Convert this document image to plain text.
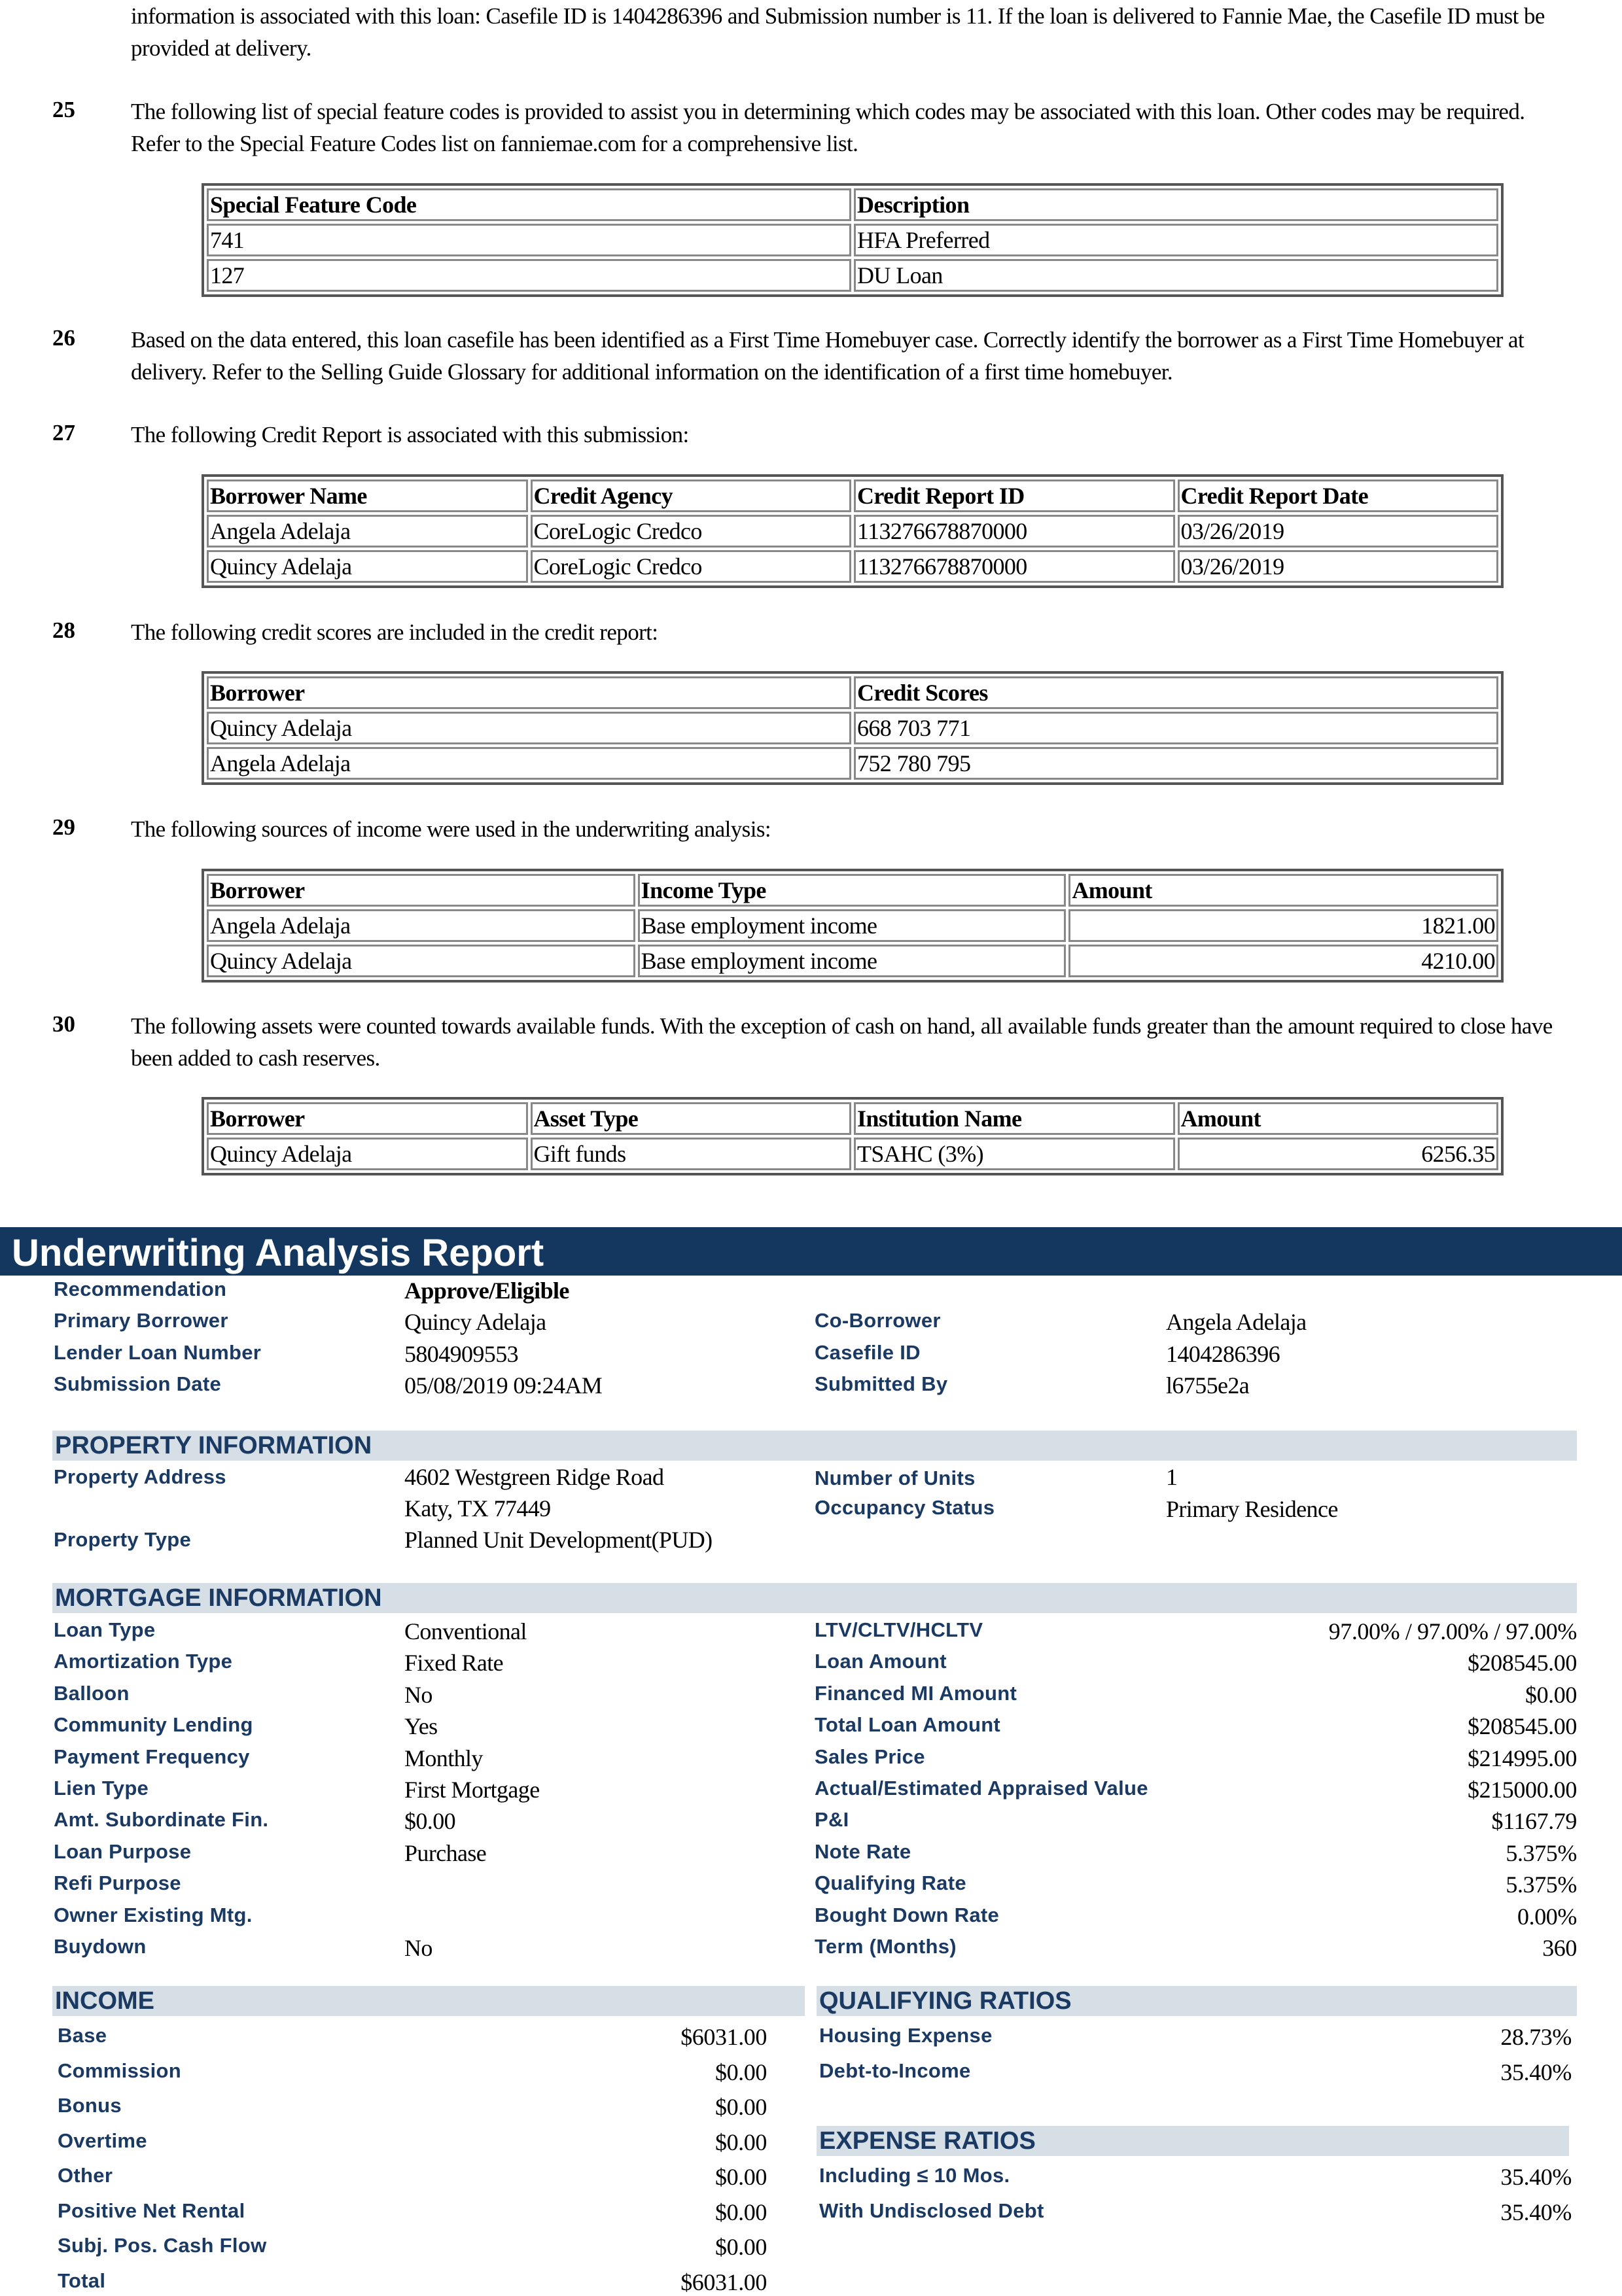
information is associated with this loan: Casefile ID is 1404286396 and Submission number is 11. If the loan is delivered to Fannie Mae, the Casefile ID must be provided at delivery.
25 The following list of special feature codes is provided to assist you in determining which codes may be associated with this loan. Other codes may be required. Refer to the Special Feature Codes list on fanniemae.com for a comprehensive list.
Special Feature Code	Description
741	HFA Preferred
127	DU Loan
26 Based on the data entered, this loan casefile has been identified as a First Time Homebuyer case. Correctly identify the borrower as a First Time Homebuyer at delivery. Refer to the Selling Guide Glossary for additional information on the identification of a first time homebuyer.
27 The following Credit Report is associated with this submission:
Borrower Name	Credit Agency	Credit Report ID	Credit Report Date
Angela Adelaja	CoreLogic Credco	113276678870000	03/26/2019
Quincy Adelaja	CoreLogic Credco	113276678870000	03/26/2019
28 The following credit scores are included in the credit report:
Borrower	Credit Scores
Quincy Adelaja	668 703 771
Angela Adelaja	752 780 795
29 The following sources of income were used in the underwriting analysis:
Borrower	Income Type	Amount
Angela Adelaja	Base employment income	1821.00
Quincy Adelaja	Base employment income	4210.00
30 The following assets were counted towards available funds. With the exception of cash on hand, all available funds greater than the amount required to close have been added to cash reserves.
Borrower	Asset Type	Institution Name	Amount
Quincy Adelaja	Gift funds	TSAHC (3%)	6256.35
Underwriting Analysis Report
Recommendation	Approve/Eligible
Primary Borrower	Quincy Adelaja	Co-Borrower	Angela Adelaja
Lender Loan Number	5804909553	Casefile ID	1404286396
Submission Date	05/08/2019 09:24AM	Submitted By	l6755e2a
PROPERTY INFORMATION
Property Address	4602 Westgreen Ridge Road
Katy, TX 77449
Property Type	Planned Unit Development(PUD)
Number of Units	1
Occupancy Status	Primary Residence
MORTGAGE INFORMATION
Loan Type	Conventional
Amortization Type	Fixed Rate
Balloon	No
Community Lending	Yes
Payment Frequency	Monthly
Lien Type	First Mortgage
Amt. Subordinate Fin.	$0.00
Loan Purpose	Purchase
Refi Purpose
Owner Existing Mtg.
Buydown	No
LTV/CLTV/HCLTV	97.00% / 97.00% / 97.00%
Loan Amount	$208545.00
Financed MI Amount	$0.00
Total Loan Amount	$208545.00
Sales Price	$214995.00
Actual/Estimated Appraised Value	$215000.00
P&I	$1167.79
Note Rate	5.375%
Qualifying Rate	5.375%
Bought Down Rate	0.00%
Term (Months)	360
INCOME
Base	$6031.00
Commission	$0.00
Bonus	$0.00
Overtime	$0.00
Other	$0.00
Positive Net Rental	$0.00
Subj. Pos. Cash Flow	$0.00
Total	$6031.00
QUALIFYING RATIOS
Housing Expense	28.73%
Debt-to-Income	35.40%
EXPENSE RATIOS
Including ≤ 10 Mos.	35.40%
With Undisclosed Debt	35.40%
